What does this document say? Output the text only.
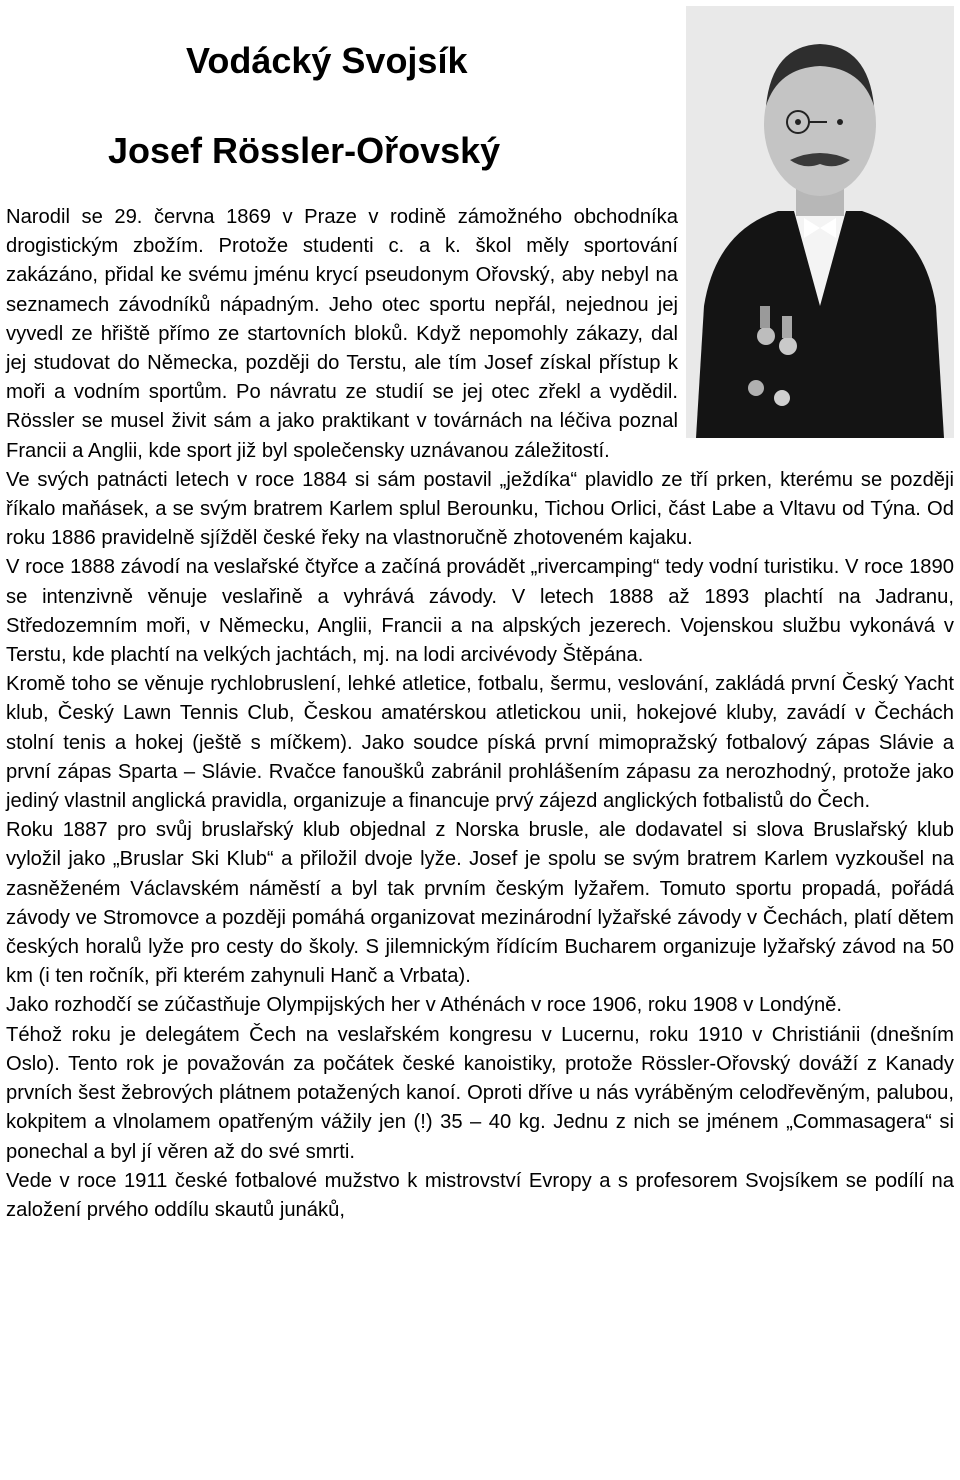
Vodácký Svojsík
Josef Rössler-Ořovský

Narodil se 29. června 1869 v Praze v rodině zámožného obchodníka drogistickým zbožím. Protože studenti c. a k. škol měly sportování zakázáno, přidal ke svému jménu krycí pseudonym Ořovský, aby nebyl na seznamech závodníků nápadným. Jeho otec sportu nepřál, nejednou jej vyvedl ze hřiště přímo ze startovních bloků. Když nepomohly zákazy, dal jej studovat do Německa, později do Terstu, ale tím Josef získal přístup k moři a vodním sportům. Po návratu ze studií se jej otec zřekl a vydědil. Rössler se musel živit sám a jako praktikant v továrnách na léčiva poznal Francii a Anglii, kde sport již byl společensky uznávanou záležitostí.

Ve svých patnácti letech v roce 1884 si sám postavil „ježdíka“ plavidlo ze tří prken, kterému se později říkalo maňásek, a se svým bratrem Karlem splul Berounku, Tichou Orlici, část Labe a Vltavu od Týna. Od roku 1886 pravidelně sjížděl české řeky na vlastnoručně zhotoveném kajaku.

V roce 1888 závodí na veslařské čtyřce a začíná provádět „rivercamping“ tedy vodní turistiku. V roce 1890 se intenzivně věnuje veslařině a vyhrává závody. V letech 1888 až 1893 plachtí na Jadranu, Středozemním moři, v Německu, Anglii, Francii a na alpských jezerech. Vojenskou službu vykonává v Terstu, kde plachtí na velkých jachtách, mj. na lodi arcivévody Štěpána.

Kromě toho se věnuje rychlobruslení, lehké atletice, fotbalu, šermu, veslování, zakládá první Český Yacht klub, Český Lawn Tennis Club, Českou amatérskou atletickou unii, hokejové kluby, zavádí v Čechách stolní tenis a hokej (ještě s míčkem). Jako soudce píská první mimopražský fotbalový zápas Slávie a první zápas Sparta – Slávie. Rvačce fanoušků zabránil prohlášením zápasu za nerozhodný, protože jako jediný vlastnil anglická pravidla, organizuje a financuje prvý zájezd anglických fotbalistů do Čech.

Roku 1887 pro svůj bruslařský klub objednal z Norska brusle, ale dodavatel si slova Bruslařský klub vyložil jako „Bruslar Ski Klub“ a přiložil dvoje lyže. Josef je spolu se svým bratrem Karlem vyzkoušel na zasněženém Václavském náměstí a byl tak prvním českým lyžařem. Tomuto sportu propadá, pořádá závody ve Stromovce a později pomáhá organizovat mezinárodní lyžařské závody v Čechách, platí dětem českých horalů lyže pro cesty do školy. S jilemnickým řídícím Bucharem organizuje lyžařský závod na 50 km (i ten ročník, při kterém zahynuli Hanč a Vrbata).

Jako rozhodčí se zúčastňuje Olympijských her v Athénách v roce 1906, roku 1908 v Londýně.

Téhož roku je delegátem Čech na veslařském kongresu v Lucernu, roku 1910 v Christiánii (dnešním Oslo). Tento rok je považován za počátek české kanoistiky, protože Rössler-Ořovský dováží z Kanady prvních šest žebrových plátnem potažených kanoí. Oproti dříve u nás vyráběným celodřevěným, palubou, kokpitem a vlnolamem opatřeným vážily jen (!) 35 – 40 kg. Jednu z nich se jménem „Commasagera“ si ponechal a byl jí věren až do své smrti.

Vede v roce 1911 české fotbalové mužstvo k mistrovství Evropy a s profesorem Svojsíkem se podílí na založení prvého oddílu skautů junáků,
